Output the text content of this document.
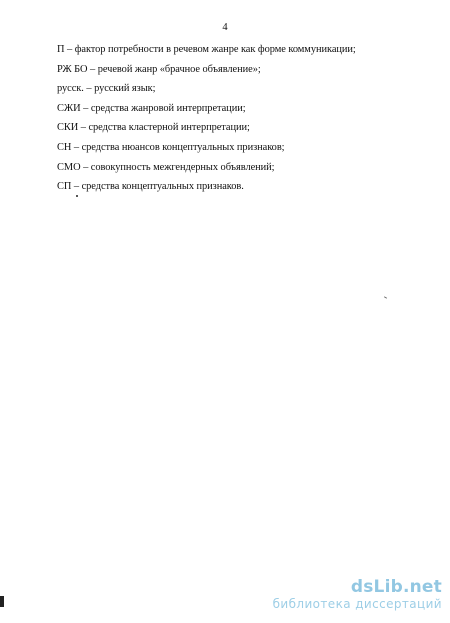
4
П – фактор потребности в речевом жанре как форме коммуникации;
РЖ БО – речевой жанр «брачное объявление»;
русск. – русский язык;
СЖИ – средства жанровой интерпретации;
СКИ – средства кластерной интерпретации;
СН – средства нюансов концептуальных признаков;
СМО – совокупность межгендерных объявлений;
СП – средства концептуальных признаков.
dsLib.net
библиотека диссертаций
